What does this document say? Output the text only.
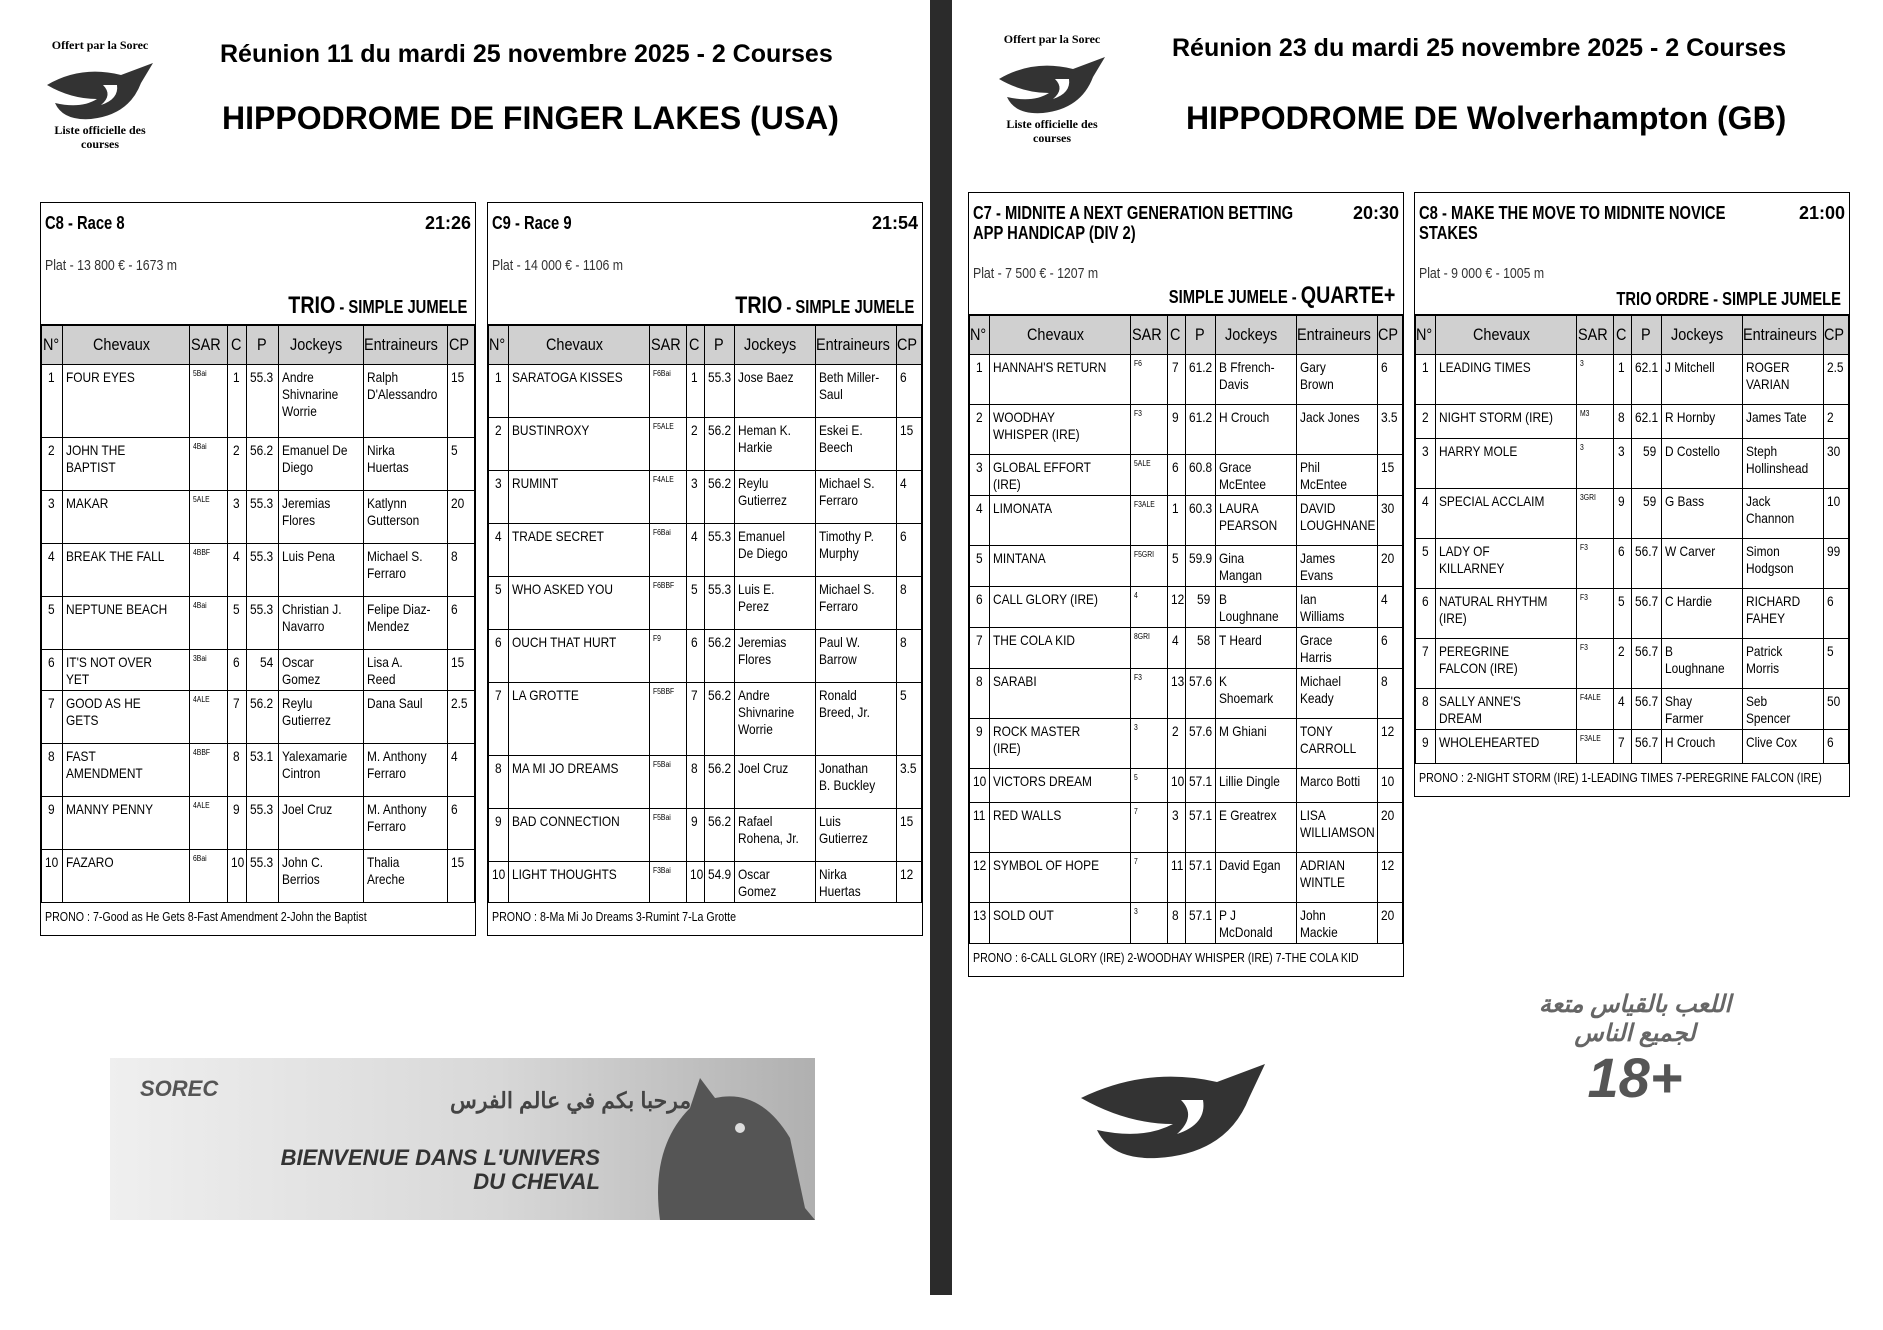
Offert par la Sorec
Liste officielle des courses
Réunion 11 du mardi 25 novembre 2025 - 2 Courses
HIPPODROME DE FINGER LAKES (USA)
Offert par la Sorec
Liste officielle des courses
Réunion 23 du mardi 25 novembre 2025 - 2 Courses
HIPPODROME DE Wolverhampton (GB)
C8 - Race 8	21:26
Plat - 13 800 € - 1673 m
TRIO - SIMPLE JUMELE
N°	Chevaux	SAR	C	P	Jockeys	Entraineurs	CP
1	FOUR EYES	5Bai	1	55.3	Andre Shivnarine Worrie	Ralph D'Alessandro	15
2	JOHN THE BAPTIST	4Bai	2	56.2	Emanuel De Diego	Nirka Huertas	5
3	MAKAR	5ALE	3	55.3	Jeremias Flores	Katlynn Gutterson	20
4	BREAK THE FALL	4BBF	4	55.3	Luis Pena	Michael S. Ferraro	8
5	NEPTUNE BEACH	4Bai	5	55.3	Christian J. Navarro	Felipe Diaz-Mendez	6
6	IT'S NOT OVER YET	3Bai	6	54	Oscar Gomez	Lisa A. Reed	15
7	GOOD AS HE GETS	4ALE	7	56.2	Reylu Gutierrez	Dana Saul	2.5
8	FAST AMENDMENT	4BBF	8	53.1	Yalexamarie Cintron	M. Anthony Ferraro	4
9	MANNY PENNY	4ALE	9	55.3	Joel Cruz	M. Anthony Ferraro	6
10	FAZARO	6Bai	10	55.3	John C. Berrios	Thalia Areche	15
PRONO : 7-Good as He Gets 8-Fast Amendment 2-John the Baptist
C9 - Race 9	21:54
Plat - 14 000 € - 1106 m
TRIO - SIMPLE JUMELE
N°	Chevaux	SAR	C	P	Jockeys	Entraineurs	CP
1	SARATOGA KISSES	F6Bai	1	55.3	Jose Baez	Beth Miller-Saul	6
2	BUSTINROXY	F5ALE	2	56.2	Heman K. Harkie	Eskei E. Beech	15
3	RUMINT	F4ALE	3	56.2	Reylu Gutierrez	Michael S. Ferraro	4
4	TRADE SECRET	F6Bai	4	55.3	Emanuel De Diego	Timothy P. Murphy	6
5	WHO ASKED YOU	F6BBF	5	55.3	Luis E. Perez	Michael S. Ferraro	8
6	OUCH THAT HURT	F9	6	56.2	Jeremias Flores	Paul W. Barrow	8
7	LA GROTTE	F5BBF	7	56.2	Andre Shivnarine Worrie	Ronald Breed, Jr.	5
8	MA MI JO DREAMS	F5Bai	8	56.2	Joel Cruz	Jonathan B. Buckley	3.5
9	BAD CONNECTION	F5Bai	9	56.2	Rafael Rohena, Jr.	Luis Gutierrez	15
10	LIGHT THOUGHTS	F3Bai	10	54.9	Oscar Gomez	Nirka Huertas	12
PRONO : 8-Ma Mi Jo Dreams 3-Rumint 7-La Grotte
C7 - MIDNITE A NEXT GENERATION BETTING APP HANDICAP (DIV 2)
20:30
Plat - 7 500 € - 1207 m
SIMPLE JUMELE - QUARTE+
N°	Chevaux	SAR	C	P	Jockeys	Entraineurs	CP
1	HANNAH'S RETURN	F6	7	61.2	B Ffrench-Davis	Gary Brown	6
2	WOODHAY WHISPER (IRE)	F3	9	61.2	H Crouch	Jack Jones	3.5
3	GLOBAL EFFORT (IRE)	5ALE	6	60.8	Grace McEntee	Phil McEntee	15
4	LIMONATA	F3ALE	1	60.3	LAURA PEARSON	DAVID LOUGHNANE	30
5	MINTANA	F5GRI	5	59.9	Gina Mangan	James Evans	20
6	CALL GLORY (IRE)	4	12	59	B Loughnane	Ian Williams	4
7	THE COLA KID	8GRI	4	58	T Heard	Grace Harris	6
8	SARABI	F3	13	57.6	K Shoemark	Michael Keady	8
9	ROCK MASTER (IRE)	3	2	57.6	M Ghiani	TONY CARROLL	12
10	VICTORS DREAM	5	10	57.1	Lillie Dingle	Marco Botti	10
11	RED WALLS	7	3	57.1	E Greatrex	LISA WILLIAMSON	20
12	SYMBOL OF HOPE	7	11	57.1	David Egan	ADRIAN WINTLE	12
13	SOLD OUT	3	8	57.1	P J McDonald	John Mackie	20
PRONO : 6-CALL GLORY (IRE) 2-WOODHAY WHISPER (IRE) 7-THE COLA KID
C8 - MAKE THE MOVE TO MIDNITE NOVICE STAKES
21:00
Plat - 9 000 € - 1005 m
TRIO ORDRE - SIMPLE JUMELE
N°	Chevaux	SAR	C	P	Jockeys	Entraineurs	CP
1	LEADING TIMES	3	1	62.1	J Mitchell	ROGER VARIAN	2.5
2	NIGHT STORM (IRE)	M3	8	62.1	R Hornby	James Tate	2
3	HARRY MOLE	3	3	59	D Costello	Steph Hollinshead	30
4	SPECIAL ACCLAIM	3GRI	9	59	G Bass	Jack Channon	10
5	LADY OF KILLARNEY	F3	6	56.7	W Carver	Simon Hodgson	99
6	NATURAL RHYTHM (IRE)	F3	5	56.7	C Hardie	RICHARD FAHEY	6
7	PEREGRINE FALCON (IRE)	F3	2	56.7	B Loughnane	Patrick Morris	5
8	SALLY ANNE'S DREAM	F4ALE	4	56.7	Shay Farmer	Seb Spencer	50
9	WHOLEHEARTED	F3ALE	7	56.7	H Crouch	Clive Cox	6
PRONO : 2-NIGHT STORM (IRE) 1-LEADING TIMES 7-PEREGRINE FALCON (IRE)
SOREC	مرحبا بكم في عالم الفرس
BIENVENUE DANS L'UNIVERS DU CHEVAL
اللعب بالقياس متعة لجميع الناس
18+
